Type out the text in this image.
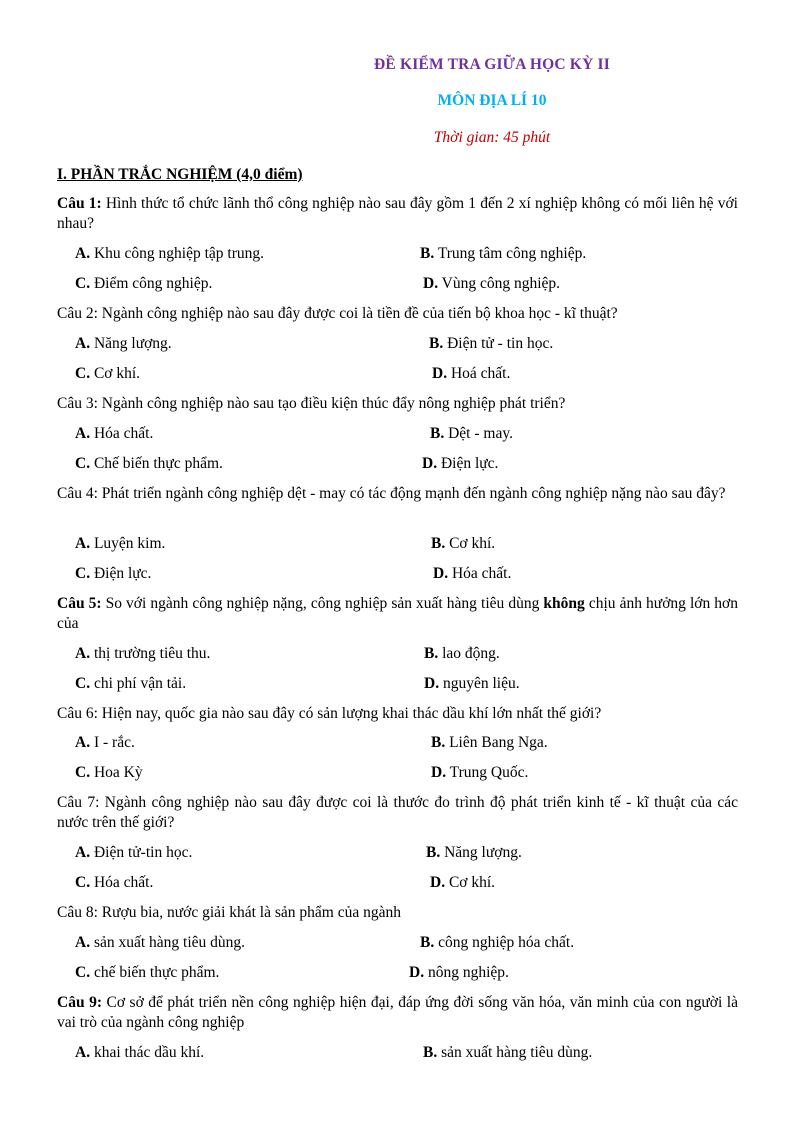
ĐỀ KIỂM TRA GIỮA HỌC KỲ II
MÔN ĐỊA LÍ 10
Thời gian: 45 phút
I. PHẦN TRẮC NGHIỆM (4,0 điểm)
Câu 1: Hình thức tổ chức lãnh thổ công nghiệp nào sau đây gồm 1 đến 2 xí nghiệp không có mối liên hệ với nhau?
A. Khu công nghiệp tập trung.	B. Trung tâm công nghiệp.
C. Điểm công nghiệp.	D. Vùng công nghiệp.
Câu 2: Ngành công nghiệp nào sau đây được coi là tiền đề của tiến bộ khoa học - kĩ thuật?
A. Năng lượng.	B. Điện tử - tin học.
C. Cơ khí.	D. Hoá chất.
Câu 3: Ngành công nghiệp nào sau tạo điều kiện thúc đẩy nông nghiệp phát triển?
A. Hóa chất.	B. Dệt - may.
C. Chế biến thực phẩm.	D. Điện lực.
Câu 4: Phát triển ngành công nghiệp dệt - may có tác động mạnh đến ngành công nghiệp nặng nào sau đây?
A. Luyện kim.	B. Cơ khí.
C. Điện lực.	D. Hóa chất.
Câu 5: So với ngành công nghiệp nặng, công nghiệp sản xuất hàng tiêu dùng không chịu ảnh hưởng lớn hơn của
A. thị trường tiêu thu.	B. lao động.
C. chi phí vận tải.	D. nguyên liệu.
Câu 6: Hiện nay, quốc gia nào sau đây có sản lượng khai thác dầu khí lớn nhất thế giới?
A. I - rắc.	B. Liên Bang Nga.
C. Hoa Kỳ	D. Trung Quốc.
Câu 7: Ngành công nghiệp nào sau đây được coi là thước đo trình độ phát triển kinh tế - kĩ thuật của các nước trên thế giới?
A. Điện tử-tin học.	B. Năng lượng.
C. Hóa chất.	D. Cơ khí.
Câu 8: Rượu bia, nước giải khát là sản phẩm của ngành
A. sản xuất hàng tiêu dùng.	B. công nghiệp hóa chất.
C. chế biến thực phẩm.	D. nông nghiệp.
Câu 9: Cơ sở để phát triển nền công nghiệp hiện đại, đáp ứng đời sống văn hóa, văn minh của con người là vai trò của ngành công nghiệp
A. khai thác dầu khí.	B. sản xuất hàng tiêu dùng.
